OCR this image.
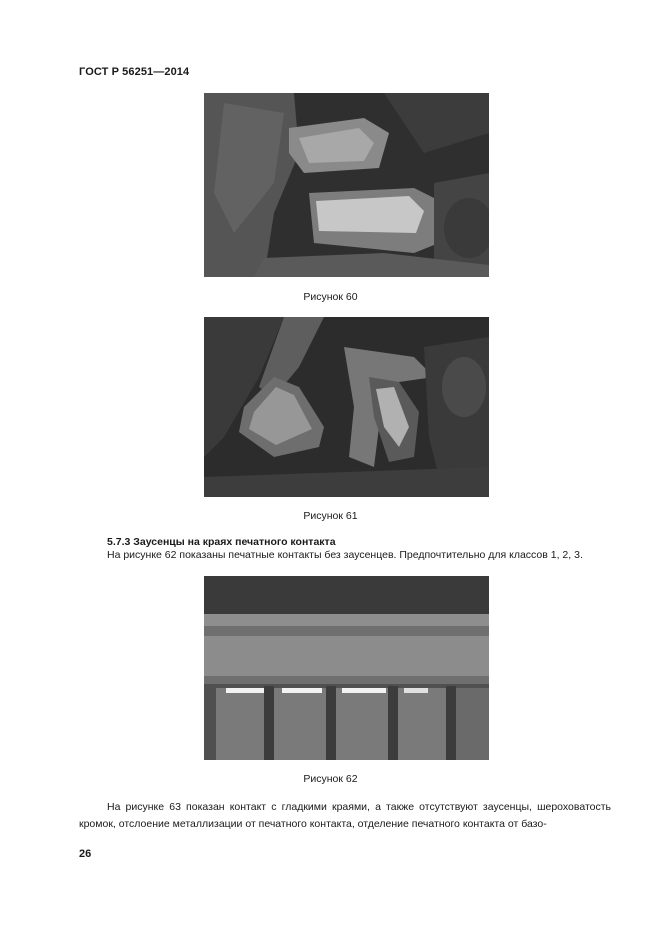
ГОСТ Р 56251—2014
Рисунок 60
Рисунок 61
5.7.3 Заусенцы на краях печатного контакта
На рисунке 62 показаны печатные контакты без заусенцев. Предпочтительно для классов 1, 2, 3.
Рисунок 62
На рисунке 63 показан контакт с гладкими краями, а также отсутствуют заусенцы, шероховатость кромок, отслоение металлизации от печатного контакта, отделение печатного контакта от базо-
26
